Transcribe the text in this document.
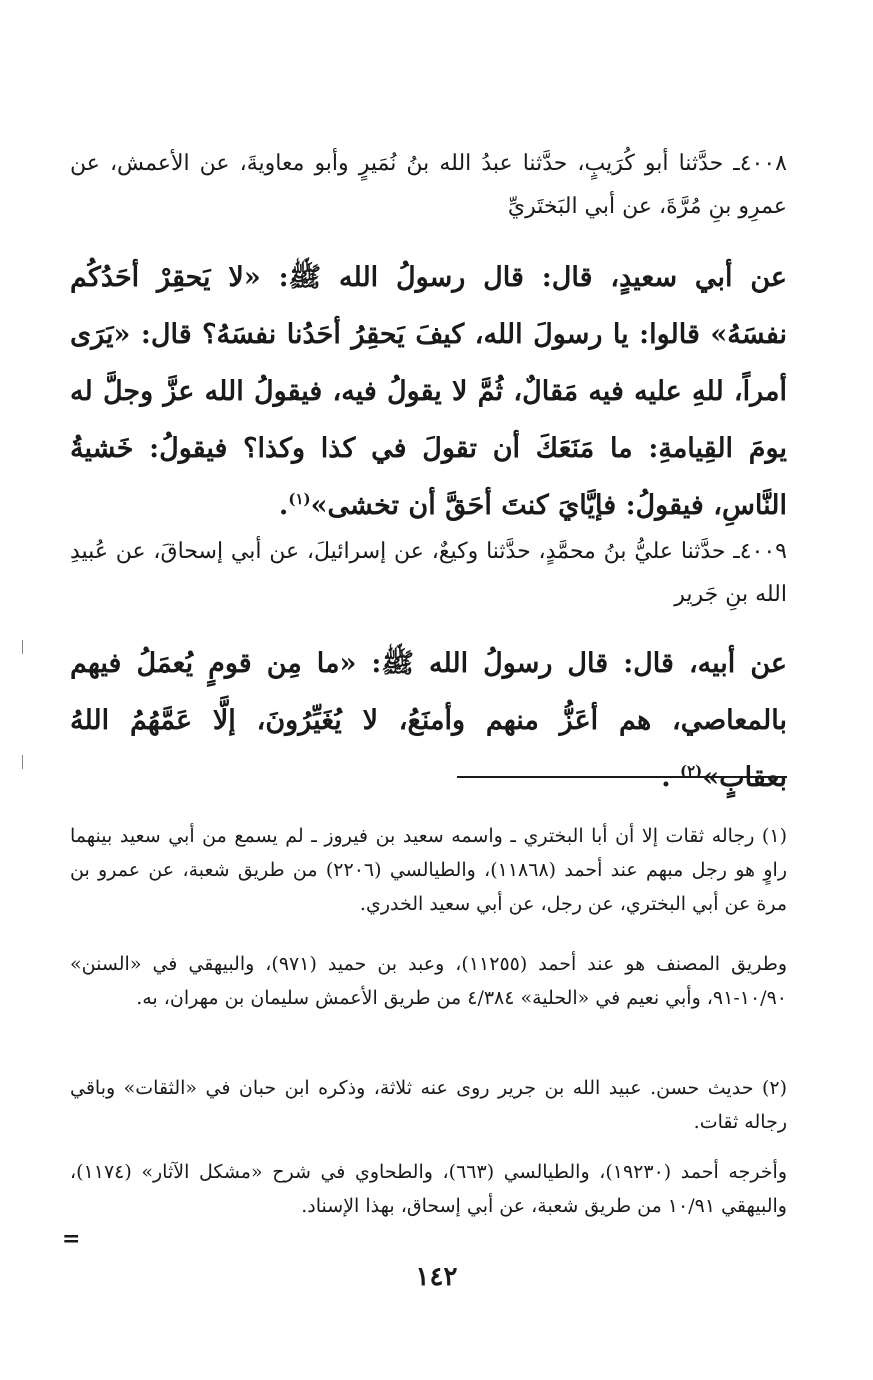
٤٠٠٨ـ حدَّثنا أبو كُرَيبٍ، حدَّثنا عبدُ الله بنُ نُمَيرٍ وأبو معاويةَ، عن الأعمش، عن عمرِو بنِ مُرَّةَ، عن أبي البَختَريِّ

عن أبي سعيدٍ، قال: قال رسولُ الله ﷺ: «لا يَحقِرْ أحَدُكُم نفسَهُ» قالوا: يا رسولَ الله، كيفَ يَحقِرُ أحَدُنا نفسَهُ؟ قال: «يَرَى أمراً، للهِ عليه فيه مَقالٌ، ثُمَّ لا يقولُ فيه، فيقولُ الله عزَّ وجلَّ له يومَ القِيامةِ: ما مَنَعَكَ أن تقولَ في كذا وكذا؟ فيقولُ: خَشيةُ النَّاسِ، فيقولُ: فإيَّايَ كنتَ أحَقَّ أن تخشى»$^{(١)}$.

٤٠٠٩ـ حدَّثنا عليُّ بنُ محمَّدٍ، حدَّثنا وكيعٌ، عن إسرائيلَ، عن أبي إسحاقَ، عن عُبيدِ الله بنِ جَرير

عن أبيه، قال: قال رسولُ الله ﷺ: «ما مِن قومٍ يُعمَلُ فيهم بالمعاصي، هم أعَزُّ منهم وأمنَعُ، لا يُغَيِّرُونَ، إلَّا عَمَّهُمُ اللهُ بعقابٍ»$^{(٢)}$ .

(١) رجاله ثقات إلا أن أبا البختري ـ واسمه سعيد بن فيروز ـ لم يسمع من أبي سعيد بينهما راوٍ هو رجل مبهم عند أحمد (١١٨٦٨)، والطيالسي (٢٢٠٦) من طريق شعبة، عن عمرو بن مرة عن أبي البختري، عن رجل، عن أبي سعيد الخدري.

وطريق المصنف هو عند أحمد (١١٢٥٥)، وعبد بن حميد (٩٧١)، والبيهقي في «السنن» ١٠/٩٠-٩١، وأبي نعيم في «الحلية» ٤/٣٨٤ من طريق الأعمش سليمان بن مهران، به.

(٢) حديث حسن. عبيد الله بن جرير روى عنه ثلاثة، وذكره ابن حبان في «الثقات» وباقي رجاله ثقات.

وأخرجه أحمد (١٩٢٣٠)، والطيالسي (٦٦٣)، والطحاوي في شرح «مشكل الآثار» (١١٧٤)، والبيهقي ١٠/٩١ من طريق شعبة، عن أبي إسحاق، بهذا الإسناد.

=
١٤٢
